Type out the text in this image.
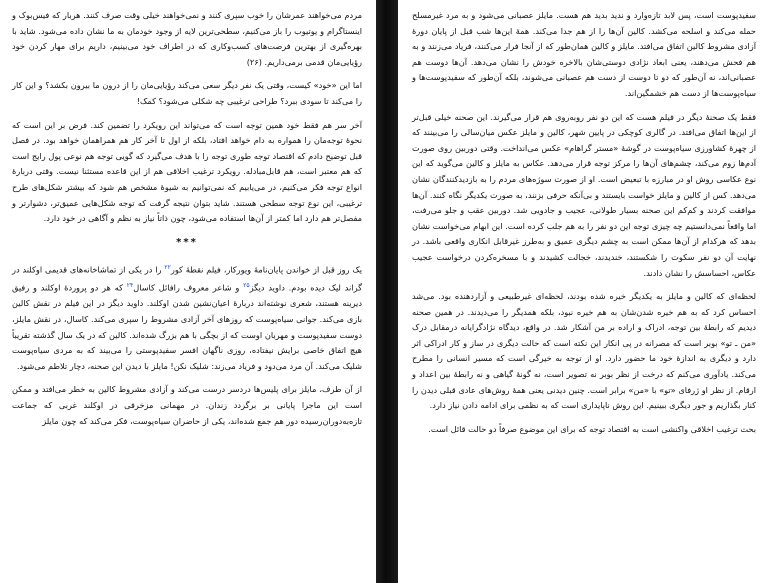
سفیدپوست است، پس لابد تازه‌وارد و ندید بدید هم هست. مایلز عصبانی می‌شود و به مرد غیرمسلح حمله می‌کند و اسلحه می‌کشد. کالین آن‌ها را از هم جدا می‌کند. همهٔ این‌ها شب قبل از پایان دورهٔ آزادی مشروط کالین اتفاق می‌افتد. مایلز و کالین همان‌طور که از آنجا فرار می‌کنند، فریاد می‌زنند و به هم فحش می‌دهند، یعنی ابعاد نژادی دوستی‌شان بالاخره خودش را نشان می‌دهد. آن‌ها دوست هم عصبانی‌اند، نه آن‌طور که دو تا دوست از دست هم عصبانی می‌شوند، بلکه آن‌طور که سفیدپوست‌ها و سیاه‌پوست‌ها از دست هم خشمگین‌اند.

فقط یک صحنهٔ دیگر در فیلم هست که این دو نفر روبه‌روی هم قرار می‌گیرند. این صحنه خیلی قبل‌تر از این‌ها اتفاق می‌افتد. در گالری کوچکی در پایین شهر، کالین و مایلز عکس میان‌سالی را می‌بینند که از چهرهٔ کشاورزی سیاه‌پوست در گوشهٔ «مستر گراهام» عکس می‌انداخت. وقتی دوربین روی صورت آدم‌ها زوم می‌کند، چشم‌های آن‌ها را مرکز توجه قرار می‌دهد. عکاس به مایلز و کالین می‌گوید که این نوع عکاسی روش او در مبارزه با تبعیض است. او از صورت سوژه‌های مردم را به بازدیدکنندگان نشان می‌دهد. کس از کالین و مایلز خواست بایستند و بی‌آنکه حرفی بزنند، به صورت یکدیگر نگاه کنند. آن‌ها موافقت کردند و کم‌کم این صحنه بسیار طولانی، عجیب و جادویی شد. دوربین عقب و جلو می‌رفت، اما واقعاً نمی‌دانستیم چه چیزی توجه این دو نفر را به هم جلب کرده است. این ابهام می‌خواست نشان بدهد که هرکدام از آن‌ها ممکن است به چشم دیگری عمیق و به‌طرز غیرقابل انکاری واقعی باشد. در نهایت آن دو نفر سکوت را شکستند، خندیدند، خجالت کشیدند و با مسخره‌کردن درخواست عجیب عکاس، احساسش را نشان دادند.

لحظه‌ای که کالین و مایلز به یکدیگر خیره شده بودند، لحظه‌ای غیرطبیعی و آزاردهنده بود. می‌شد احساس کرد که به هم خیره شدن‌شان به هم خیره نبود، بلکه همدیگر را می‌دیدند. در همین صحنه دیدیم که رابطهٔ بین توجه، ادراک و اراده بر من آشکار شد. در واقع، دیدگاه نژادگرایانه درمقابل درک «من ـ تو» بوبر است که مصرانه در پی انکار این نکته است که حالت دیگری در ساز و کار ادراکی اثر دارد و دیگری به اندازهٔ خود ما حضور دارد. او از توجه به خیرگی است که مسیر انسانی را مطرح می‌کند. یادآوری می‌کنم که درخت از نظر بوبر نه تصویر است، نه گونهٔ گیاهی و نه رابطهٔ بین اعداد و ارقام. از نظر او ژرفای «تو» با «من» برابر است. چنین دیدنی یعنی همهٔ روش‌های عادی قبلی دیدن را کنار بگذاریم و جور دیگری ببینیم. این روش ناپایداری است که به نظمی برای ادامه دادن نیاز دارد.

بحث ترغیب اخلاقی واکنشی است به اقتصاد توجه که برای این موضوع صرفاً دو حالت قائل است.

مردم می‌خواهند عمرشان را خوب سپری کنند و نمی‌خواهند خیلی وقت صرف کنند. هربار که فیس‌بوک و اینستاگرام و یوتیوب را باز می‌کنیم، سطحی‌ترین لایه از وجود خودمان به ما نشان داده می‌شود. شاید با بهره‌گیری از بهترین فرصت‌های کسب‌وکاری که در اطراف خود می‌بینیم، داریم برای مهار کردن خود رؤیایی‌مان قدمی برمی‌داریم. (۲۶)

اما این «خود» کیست، وقتی یک نفر دیگر سعی می‌کند رؤیایی‌مان را از درون ما بیرون بکشد؟ و این کار را می‌کند تا سودی ببرد؟ طراحی ترغیبی چه شکلی می‌شود؟ کمک!

آخر سر هم فقط خود همین توجه است که می‌تواند این رویکرد را تضمین کند. فرض بر این است که نحوهٔ توجه‌مان را همواره به دام خواهد افتاد، بلکه از اول تا آخر کار هم همراهمان خواهد بود. در فصل قبل توضیح دادم که اقتصاد توجه طوری توجه را با هدف می‌گیرد که گویی توجه هم نوعی پول رایج است که هم معتبر است، هم قابل‌مبادله. رویکرد ترغیب اخلاقی هم از این قاعده مستثنا نیست. وقتی دربارهٔ انواع توجه فکر می‌کنیم، در می‌یابیم که نمی‌توانیم به شیوهٔ مشخص هم شود که بیشتر شکل‌های طرح ترغیبی، این نوع توجه سطحی هستند. شاید بتوان نتیجه گرفت که توجه شکل‌هایی عمیق‌تر، دشوارتر و مفصل‌تر هم دارد اما کمتر از آن‌ها استفاده می‌شود، چون ذاتاً نیاز به نظم و آگاهی در خود دارد.

***

یک روز قبل از خواندن پایان‌نامهٔ ویورکار، فیلم نقطهٔ کور$^{۲۲}$ را در یکی از تماشاخانه‌های قدیمی اوکلند در گراند لیک دیده بودم. داوید دیگز$^{۲۵}$ و شاعر معروف رافائل کاسال$^{۲۴}$ که هر دو پرورده‌ٔ اوکلند و رفیق دیرینه هستند، شعری نوشته‌اند دربارهٔ اعیان‌نشین شدن اوکلند. داوید دیگز در این فیلم در نقش کالین بازی می‌کند. جوانی سیاه‌پوست که روزهای آخر آزادی مشروط را سپری می‌کند. کاسال، در نقش مایلز، دوست سفیدپوست و مهربان اوست که از بچگی با هم بزرگ شده‌اند. کالین که در یک سال گذشته تقریباً هیچ اتفاق خاصی برایش نیفتاده، روزی ناگهان افسر سفیدپوستی را می‌بیند که به مردی سیاه‌پوست شلیک می‌کند. آن مرد می‌دود و فریاد می‌زند: شلیک نکن! مایلز با دیدن این صحنه، دچار تلاطم می‌شود.

از آن طرف، مایلز برای پلیس‌ها دردسر درست می‌کند و آزادی مشروط کالین به خطر می‌افتد و ممکن است این ماجرا پایانی بر برگردد زندان. در مهمانی مزخرفی در اوکلند غربی که جماعت تازه‌به‌دوران‌رسیده دور هم جمع شده‌اند، یکی از حاضران سیاه‌پوست، فکر می‌کند که چون مایلز
